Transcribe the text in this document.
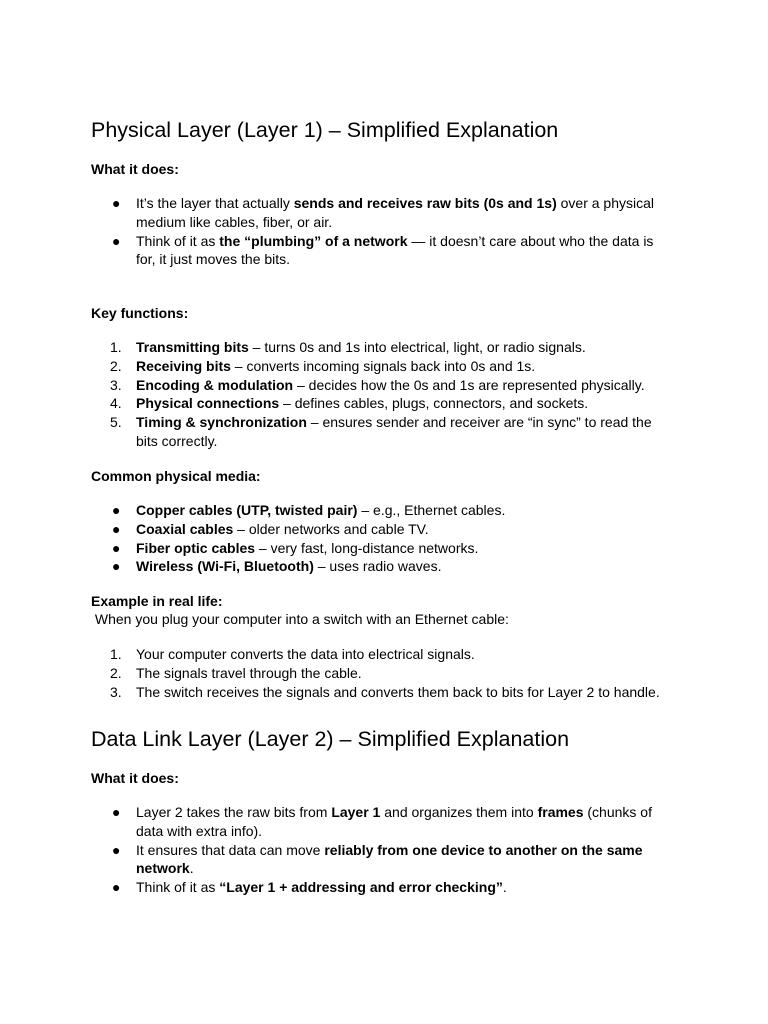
Physical Layer (Layer 1) – Simplified Explanation
What it does:
● It’s the layer that actually sends and receives raw bits (0s and 1s) over a physical medium like cables, fiber, or air.
● Think of it as the “plumbing” of a network — it doesn’t care about who the data is for, it just moves the bits.
Key functions:
1. Transmitting bits – turns 0s and 1s into electrical, light, or radio signals.
2. Receiving bits – converts incoming signals back into 0s and 1s.
3. Encoding & modulation – decides how the 0s and 1s are represented physically.
4. Physical connections – defines cables, plugs, connectors, and sockets.
5. Timing & synchronization – ensures sender and receiver are “in sync” to read the bits correctly.
Common physical media:
● Copper cables (UTP, twisted pair) – e.g., Ethernet cables.
● Coaxial cables – older networks and cable TV.
● Fiber optic cables – very fast, long-distance networks.
● Wireless (Wi-Fi, Bluetooth) – uses radio waves.
Example in real life:

When you plug your computer into a switch with an Ethernet cable:

1. Your computer converts the data into electrical signals.
2. The signals travel through the cable.
3. The switch receives the signals and converts them back to bits for Layer 2 to handle.
Data Link Layer (Layer 2) – Simplified Explanation
What it does:
● Layer 2 takes the raw bits from Layer 1 and organizes them into frames (chunks of data with extra info).
● It ensures that data can move reliably from one device to another on the same network.
● Think of it as “Layer 1 + addressing and error checking”.
